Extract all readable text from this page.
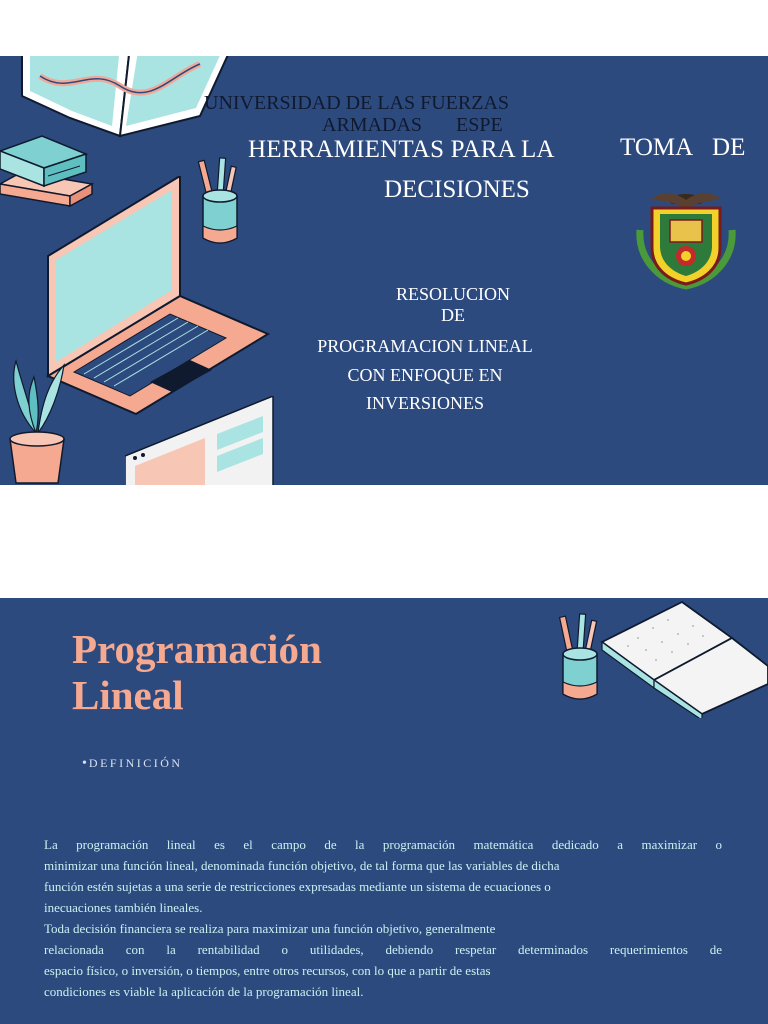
UNIVERSIDAD DE LAS FUERZAS
ARMADAS	ESPE
HERRAMIENTAS PARA LA	TOMA DE
DECISIONES
RESOLUCION
DE
PROGRAMACION LINEAL
CON ENFOQUE EN
INVERSIONES
Programación
Lineal
• DEFINICIÓN
La programación lineal es el campo de la programación matemática dedicado a maximizar o
minimizar una función lineal, denominada función objetivo, de tal forma que las variables de dicha
función estén sujetas a una serie de restricciones expresadas mediante un sistema de ecuaciones o
inecuaciones también lineales.
Toda decisión financiera se realiza para maximizar una función objetivo, generalmente
relacionada con la rentabilidad o utilidades, debiendo respetar determinados requerimientos de
espacio físico, o inversión, o tiempos, entre otros recursos, con lo que a partir de estas
condiciones es viable la aplicación de la programación lineal.
